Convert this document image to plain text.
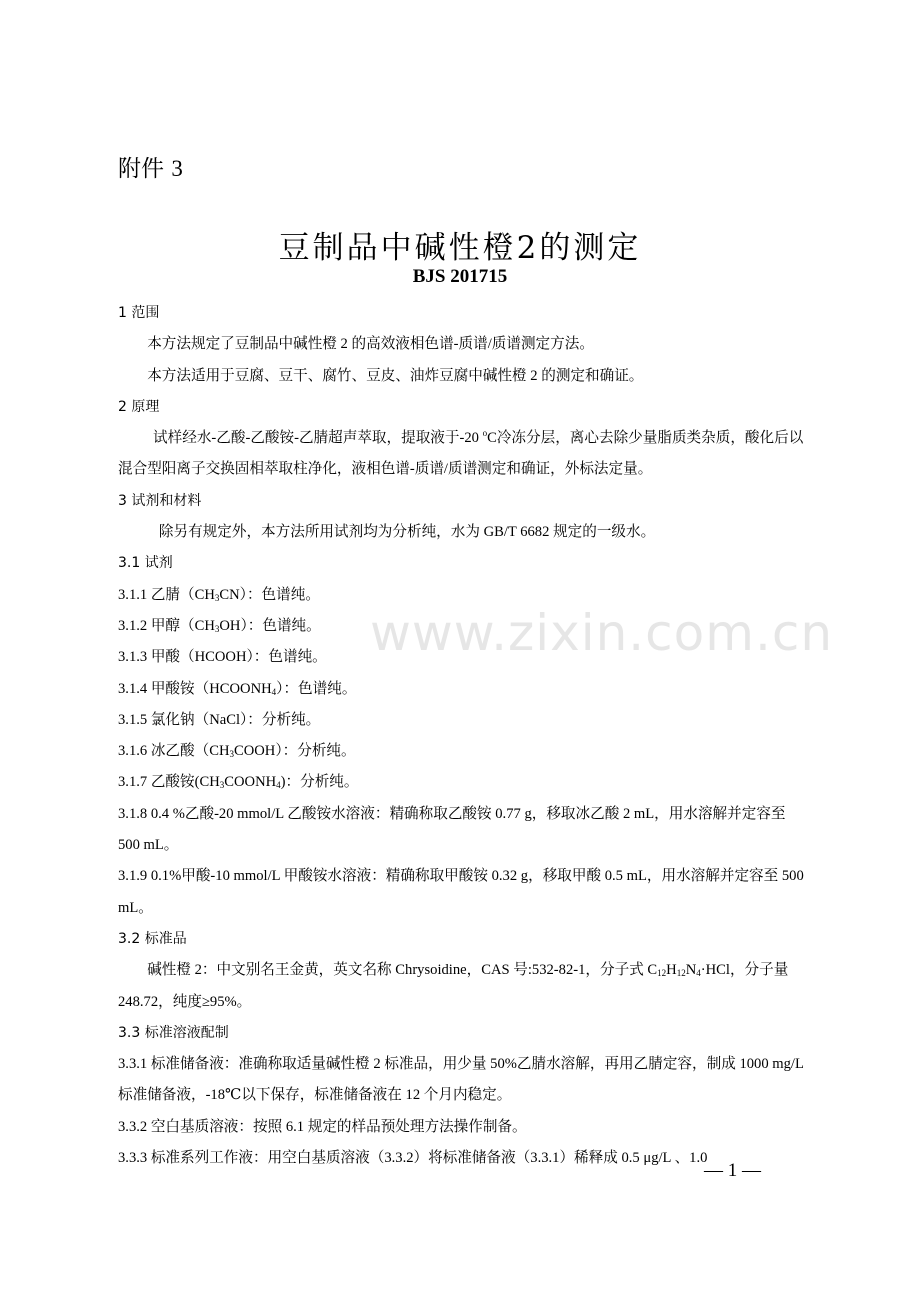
www.zixin.com.cn
附件 3
豆制品中碱性橙2的测定
BJS 201715

1 范围

本方法规定了豆制品中碱性橙 2 的高效液相色谱-质谱/质谱测定方法。

本方法适用于豆腐、豆干、腐竹、豆皮、油炸豆腐中碱性橙 2 的测定和确证。

2 原理

试样经水-乙酸-乙酸铵-乙腈超声萃取，提取液于-20 $^o$C冷冻分层，离心去除少量脂质类杂质，酸化后以混合型阳离子交换固相萃取柱净化，液相色谱-质谱/质谱测定和确证，外标法定量。

3 试剂和材料

除另有规定外，本方法所用试剂均为分析纯，水为 GB/T 6682 规定的一级水。

3.1 试剂

3.1.1 乙腈$(CH_3CN)$：色谱纯。

3.1.2 甲醇$(CH_3OH)$：色谱纯。

3.1.3 甲酸（HCOOH）：色谱纯。

3.1.4 甲酸铵$(HCOONH_4)$：色谱纯。

3.1.5 氯化钠（NaCl）：分析纯。

3.1.6 冰乙酸$(CH_3COOH)$：分析纯。

3.1.7 乙酸铵$(CH_3COONH_4)$：分析纯。

3.1.8 0.4 %乙酸-20 mmol/L 乙酸铵水溶液：精确称取乙酸铵 0.77 g，移取冰乙酸 2 mL，用水溶解并定容至 500 mL。

3.1.9 0.1%甲酸-10 mmol/L 甲酸铵水溶液：精确称取甲酸铵 0.32 g，移取甲酸 0.5 mL，用水溶解并定容至 500 mL。

3.2 标准品

碱性橙 2：中文别名王金黄，英文名称 Chrysoidine，CAS 号:532-82-1，分子式 $C_{12}H_{12}N_4\cdot HCl$，分子量 248.72，纯度≥95%。

3.3 标准溶液配制

3.3.1 标准储备液：准确称取适量碱性橙 2 标准品，用少量 50%乙腈水溶解，再用乙腈定容，制成 1000 mg/L 标准储备液，-18℃以下保存，标准储备液在 12 个月内稳定。

3.3.2 空白基质溶液：按照 6.1 规定的样品预处理方法操作制备。

3.3.3 标准系列工作液：用空白基质溶液（3.3.2）将标准储备液（3.3.1）稀释成 0.5 μg/L 、1.0

— 1 —
